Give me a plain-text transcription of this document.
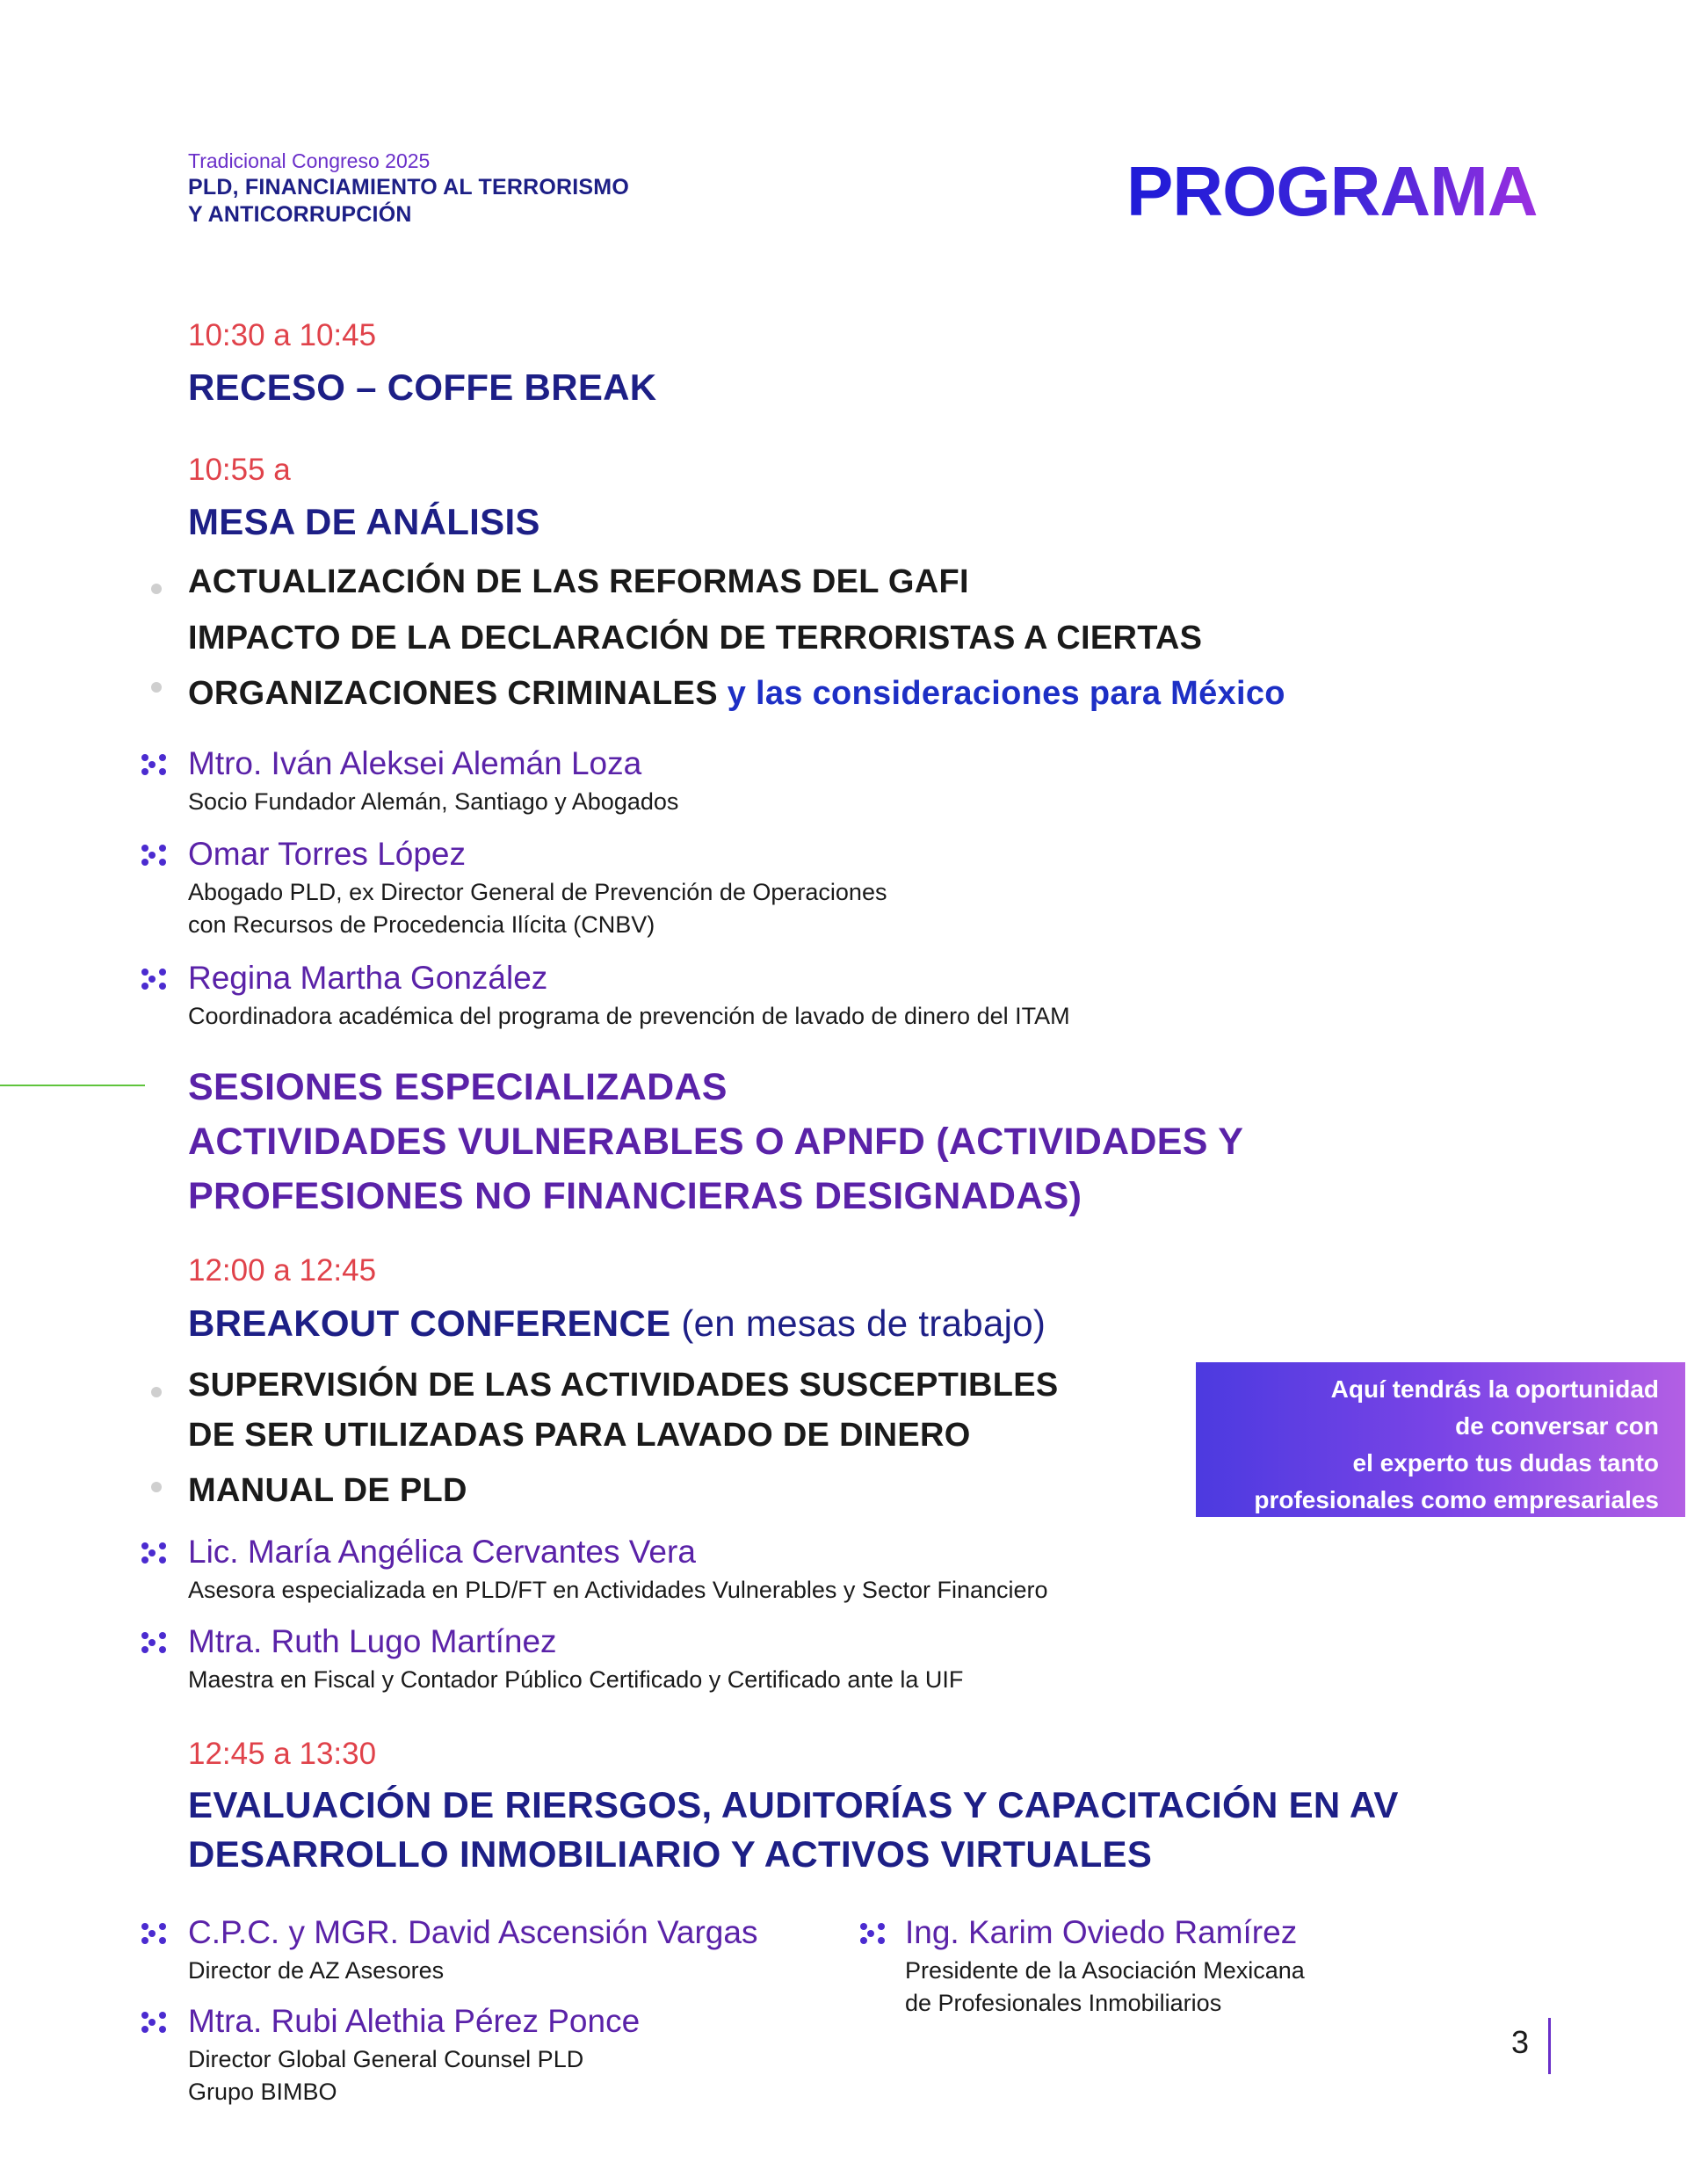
Tradicional Congreso 2025
PLD, FINANCIAMIENTO AL TERRORISMO
Y ANTICORRUPCIÓN	PROGRAMA
10:30 a 10:45
RECESO – COFFE BREAK
10:55 a
MESA DE ANÁLISIS
ACTUALIZACIÓN DE LAS REFORMAS DEL GAFI
IMPACTO DE LA DECLARACIÓN DE TERRORISTAS A CIERTAS
ORGANIZACIONES CRIMINALES y las consideraciones para México
Mtro. Iván Aleksei Alemán Loza
Socio Fundador Alemán, Santiago y Abogados
Omar Torres López
Abogado PLD, ex Director General de Prevención de Operaciones
con Recursos de Procedencia Ilícita (CNBV)
Regina Martha González
Coordinadora académica del programa de prevención de lavado de dinero del ITAM
SESIONES ESPECIALIZADAS
ACTIVIDADES VULNERABLES O APNFD (ACTIVIDADES Y
PROFESIONES NO FINANCIERAS DESIGNADAS)
12:00 a 12:45
BREAKOUT CONFERENCE (en mesas de trabajo)
SUPERVISIÓN DE LAS ACTIVIDADES SUSCEPTIBLES
DE SER UTILIZADAS PARA LAVADO DE DINERO
MANUAL DE PLD
Aquí tendrás la oportunidad
de conversar con
el experto tus dudas tanto
profesionales como empresariales
Lic. María Angélica Cervantes Vera
Asesora especializada en PLD/FT en Actividades Vulnerables y Sector Financiero
Mtra. Ruth Lugo Martínez
Maestra en Fiscal y Contador Público Certificado y Certificado ante la UIF
12:45 a 13:30
EVALUACIÓN DE RIERSGOS, AUDITORÍAS Y CAPACITACIÓN EN AV
DESARROLLO INMOBILIARIO Y ACTIVOS VIRTUALES
C.P.C. y MGR. David Ascensión Vargas
Director de AZ Asesores
Ing. Karim Oviedo Ramírez
Presidente de la Asociación Mexicana
de Profesionales Inmobiliarios
Mtra. Rubi Alethia Pérez Ponce
Director Global General Counsel PLD
Grupo BIMBO
3
